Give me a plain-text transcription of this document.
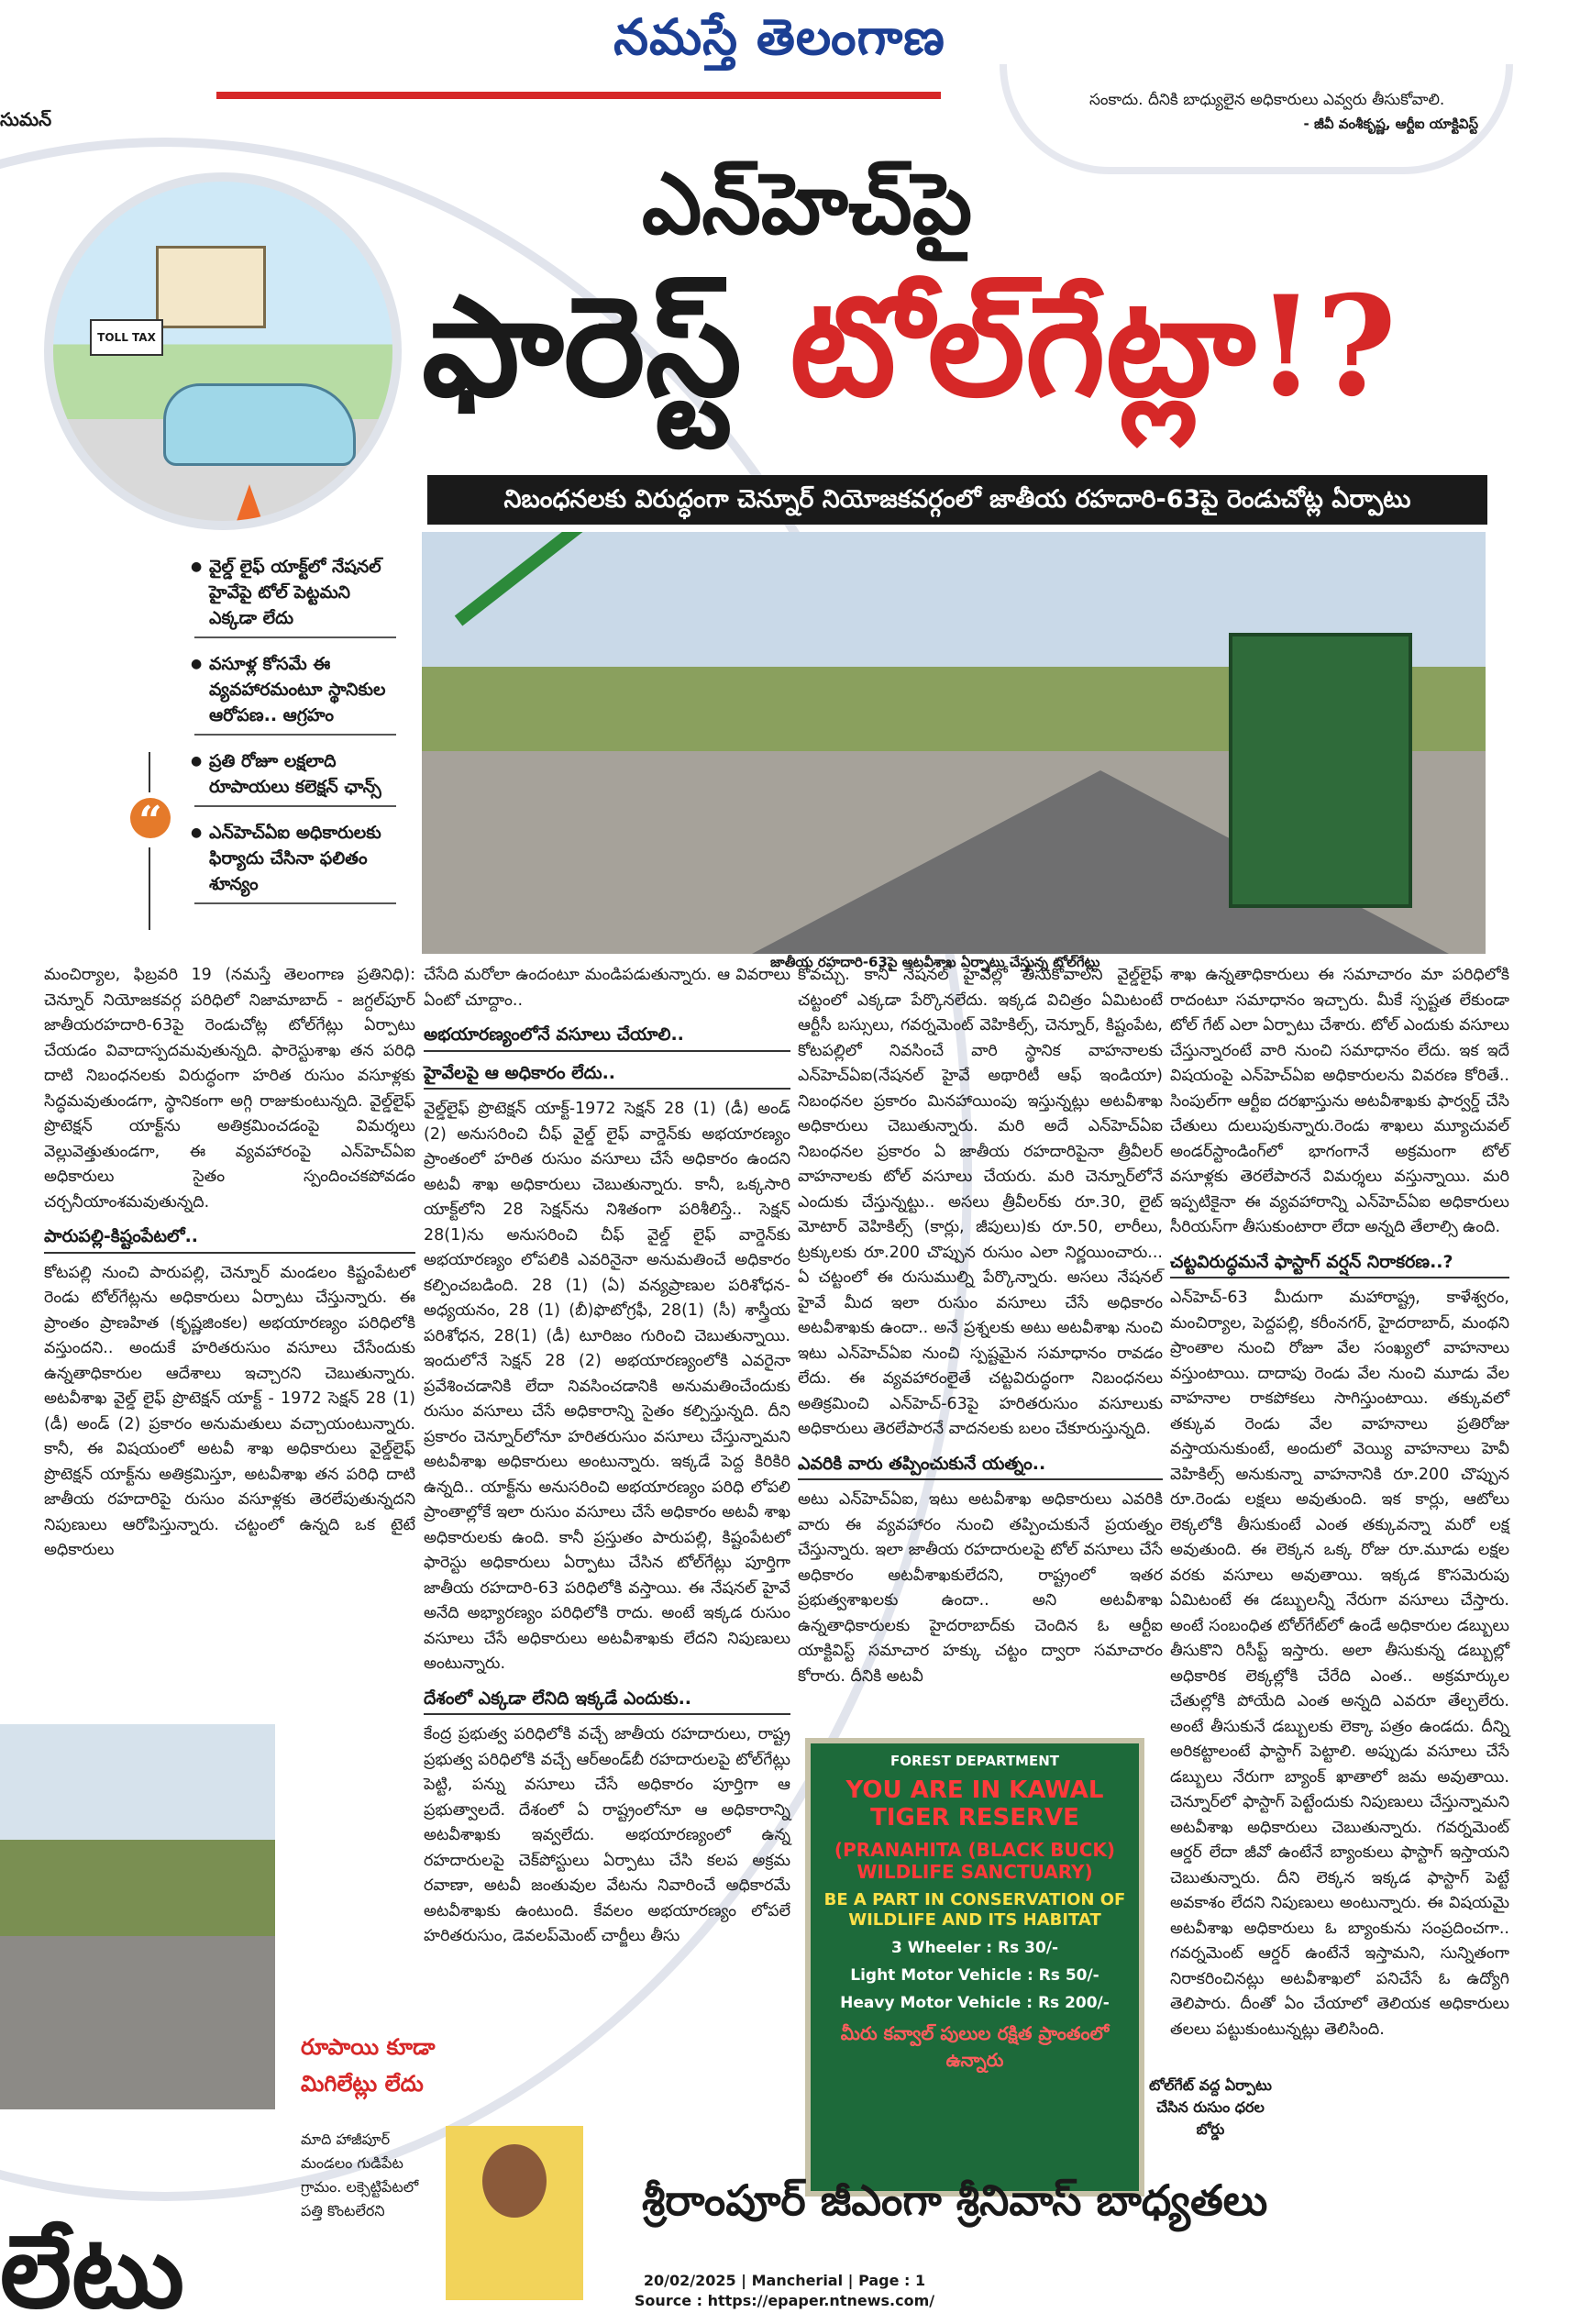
నమస్తే తెలంగాణ
సుమన్
సంకాదు. దీనికి బాధ్యులైన అధికారులు ఎవ్వరు తీసుకోవాలి.
- జీవీ వంశీకృష్ణ, ఆర్టీఐ యాక్టివిస్ట్
TOLL TAX
ఎన్‌హెచ్‌పై
ఫారెస్ట్ టోల్‌గేట్లా!?
నిబంధనలకు విరుద్ధంగా చెన్నూర్ నియోజకవర్గంలో జాతీయ రహదారి-63పై రెండుచోట్ల ఏర్పాటు
● వైల్డ్ లైఫ్ యాక్ట్‌లో నేషనల్ హైవేపై టోల్ పెట్టమని ఎక్కడా లేదు
● వసూళ్ల కోసమే ఈ వ్యవహారమంటూ స్థానికుల ఆరోపణ.. ఆగ్రహం
● ప్రతి రోజూ లక్షలాది రూపాయలు కలెక్షన్ ఛాన్స్
● ఎన్‌హెచ్‌ఏఐ అధికారులకు ఫిర్యాదు చేసినా ఫలితం శూన్యం
“
జాతీయ రహదారి-63పై అటవీశాఖ ఏర్పాటు చేస్తున్న టోల్‌గేట్లు

మంచిర్యాల, ఫిబ్రవరి 19 (నమస్తే తెలంగాణ ప్రతినిధి): చెన్నూర్ నియోజకవర్గ పరిధిలో నిజామాబాద్ - జగ్దల్‌పూర్ జాతీయరహదారి-63పై రెండుచోట్ల టోల్‌గేట్లు ఏర్పాటు చేయడం వివాదాస్పదమవుతున్నది. ఫారెస్టుశాఖ తన పరిధి దాటి నిబంధనలకు విరుద్ధంగా హరిత రుసుం వసూళ్లకు సిద్ధమవుతుండగా, స్థానికంగా అగ్గి రాజుకుంటున్నది. వైల్డ్‌లైఫ్ ప్రొటెక్షన్ యాక్ట్‌ను అతిక్రమించడంపై విమర్శలు వెల్లువెత్తుతుండగా, ఈ వ్యవహారంపై ఎన్‌హెచ్‌ఏఐ అధికారులు సైతం స్పందించకపోవడం చర్చనీయాంశమవుతున్నది.

పారుపల్లి-కిష్టంపేటలో..

కోటపల్లి నుంచి పారుపల్లి, చెన్నూర్ మండలం కిష్టంపేటలో రెండు టోల్‌గేట్లను అధికారులు ఏర్పాటు చేస్తున్నారు. ఈ ప్రాంతం ప్రాణహిత (కృష్ణజింకల) అభయారణ్యం పరిధిలోకి వస్తుందని.. అందుకే హరితరుసుం వసూలు చేసేందుకు ఉన్నతాధికారుల ఆదేశాలు ఇచ్చారని చెబుతున్నారు. అటవీశాఖ వైల్డ్ లైఫ్ ప్రొటెక్షన్ యాక్ట్ - 1972 సెక్షన్ 28 (1)(డీ) అండ్ (2) ప్రకారం అనుమతులు వచ్చాయంటున్నారు. కానీ, ఈ విషయంలో అటవీ శాఖ అధికారులు వైల్డ్‌లైఫ్ ప్రొటెక్షన్ యాక్ట్‌ను అతిక్రమిస్తూ, అటవీశాఖ తన పరిధి దాటి జాతీయ రహదారిపై రుసుం వసూళ్లకు తెరలేపుతున్నదని నిపుణులు ఆరోపిస్తున్నారు. చట్టంలో ఉన్నది ఒక టైటే అధికారులు

చేసేది మరోలా ఉందంటూ మండిపడుతున్నారు. ఆ వివరాలు ఏంటో చూద్దాం..

అభయారణ్యంలోనే వసూలు చేయాలి..
హైవేలపై ఆ అధికారం లేదు..

వైల్డ్‌లైఫ్ ప్రొటెక్షన్ యాక్ట్-1972 సెక్షన్ 28 (1) (డీ) అండ్ (2) అనుసరించి చీఫ్ వైల్డ్ లైఫ్ వార్డెన్‌కు అభయారణ్యం ప్రాంతంలో హరిత రుసుం వసూలు చేసే అధికారం ఉందని అటవీ శాఖ అధికారులు చెబుతున్నారు. కానీ, ఒక్కసారి యాక్ట్‌లోని 28 సెక్షన్‌ను నిశితంగా పరిశీలిస్తే.. సెక్షన్ 28(1)ను అనుసరించి చీఫ్ వైల్డ్ లైఫ్ వార్డెన్‌కు అభయారణ్యం లోపలికి ఎవరినైనా అనుమతించే అధికారం కల్పించబడింది. 28 (1) (ఏ) వన్యప్రాణుల పరిశోధన-అధ్యయనం, 28 (1) (బీ)ఫొటోగ్రఫీ, 28(1) (సీ) శాస్త్రీయ పరిశోధన, 28(1) (డీ) టూరిజం గురించి చెబుతున్నాయి. ఇందులోనే సెక్షన్ 28 (2) అభయారణ్యంలోకి ఎవరైనా ప్రవేశించడానికి లేదా నివసించడానికి అనుమతించేందుకు రుసుం వసూలు చేసే అధికారాన్ని సైతం కల్పిస్తున్నది. దీని ప్రకారం చెన్నూర్‌లోనూ హరితరుసుం వసూలు చేస్తున్నామని అటవీశాఖ అధికారులు అంటున్నారు. ఇక్కడే పెద్ద కిరికిరి ఉన్నది.. యాక్ట్‌ను అనుసరించి అభయారణ్యం పరిధి లోపలి ప్రాంతాల్లోకే ఇలా రుసుం వసూలు చేసే అధికారం అటవీ శాఖ అధికారులకు ఉంది. కానీ ప్రస్తుతం పారుపల్లి, కిష్టంపేటలో ఫారెస్టు అధికారులు ఏర్పాటు చేసిన టోల్‌గేట్లు పూర్తిగా జాతీయ రహదారి-63 పరిధిలోకి వస్తాయి. ఈ నేషనల్ హైవే అనేది అభ్యారణ్యం పరిధిలోకి రాదు. అంటే ఇక్కడ రుసుం వసూలు చేసే అధికారులు అటవీశాఖకు లేదని నిపుణులు అంటున్నారు.

దేశంలో ఎక్కడా లేనిది ఇక్కడే ఎందుకు..

కేంద్ర ప్రభుత్వ పరిధిలోకి వచ్చే జాతీయ రహదారులు, రాష్ట్ర ప్రభుత్వ పరిధిలోకి వచ్చే ఆర్‌అండ్‌బీ రహదారులపై టోల్‌గేట్లు పెట్టి, పన్ను వసూలు చేసే అధికారం పూర్తిగా ఆ ప్రభుత్వాలదే. దేశంలో ఏ రాష్ట్రంలోనూ ఆ అధికారాన్ని అటవీశాఖకు ఇవ్వలేదు. అభయారణ్యంలో ఉన్న రహదారులపై చెక్‌పోస్టులు ఏర్పాటు చేసి కలప అక్రమ రవాణా, అటవీ జంతువుల వేటను నివారించే అధికారమే అటవీశాఖకు ఉంటుంది. కేవలం అభయారణ్యం లోపలే హరితరుసుం, డెవలప్‌మెంట్ చార్జీలు తీసు

కోవచ్చు. కానీ నేషనల్ హైవేల్లో తీసుకోవాలని వైల్డ్‌లైఫ్ చట్టంలో ఎక్కడా పేర్కొనలేదు. ఇక్కడ విచిత్రం ఏమిటంటే ఆర్టీసీ బస్సులు, గవర్నమెంట్ వెహికిల్స్, చెన్నూర్, కిష్టంపేట, కోటపల్లిలో నివసించే వారి స్థానిక వాహనాలకు ఎన్‌హెచ్‌ఏఐ(నేషనల్ హైవే అథారిటీ ఆఫ్ ఇండియా) నిబంధనల ప్రకారం మినహాయింపు ఇస్తున్నట్లు అటవీశాఖ అధికారులు చెబుతున్నారు. మరి అదే ఎన్‌హెచ్‌ఏఐ నిబంధనల ప్రకారం ఏ జాతీయ రహదారిపైనా త్రీవీలర్ వాహనాలకు టోల్ వసూలు చేయరు. మరి చెన్నూర్‌లోనే ఎందుకు చేస్తున్నట్టు.. అసలు త్రీవీలర్‌కు రూ.30, లైట్ మోటార్ వెహికిల్స్ (కార్లు, జీపులు)కు రూ.50, లారీలు, ట్రక్కులకు రూ.200 చొప్పున రుసుం ఎలా నిర్ణయించారు... ఏ చట్టంలో ఈ రుసుముల్ని పేర్కొన్నారు. అసలు నేషనల్ హైవే మీద ఇలా రుసుం వసూలు చేసే అధికారం అటవీశాఖకు ఉందా.. అనే ప్రశ్నలకు అటు అటవీశాఖ నుంచి ఇటు ఎన్‌హెచ్‌ఏఐ నుంచి స్పష్టమైన సమాధానం రావడం లేదు. ఈ వ్యవహారంలైతే చట్టవిరుద్ధంగా నిబంధనలు అతిక్రమించి ఎన్‌హెచ్-63పై హరితరుసుం వసూలుకు అధికారులు తెరలేపారనే వాదనలకు బలం చేకూరుస్తున్నది.

ఎవరికి వారు తప్పించుకునే యత్నం..

అటు ఎన్‌హెచ్‌ఏఐ, ఇటు అటవీశాఖ అధికారులు ఎవరికి వారు ఈ వ్యవహారం నుంచి తప్పించుకునే ప్రయత్నం చేస్తున్నారు. ఇలా జాతీయ రహదారులపై టోల్ వసూలు చేసే అధికారం అటవీశాఖకులేదని, రాష్ట్రంలో ఇతర ప్రభుత్వశాఖలకు ఉందా.. అని అటవీశాఖ ఉన్నతాధికారులకు హైదరాబాద్‌కు చెందిన ఓ ఆర్టీఐ యాక్టివిస్ట్ సమాచార హక్కు చట్టం ద్వారా సమాచారం కోరారు. దీనికి అటవీ

శాఖ ఉన్నతాధికారులు ఈ సమాచారం మా పరిధిలోకి రాదంటూ సమాధానం ఇచ్చారు. మీకే స్పష్టత లేకుండా టోల్ గేట్ ఎలా ఏర్పాటు చేశారు. టోల్ ఎందుకు వసూలు చేస్తున్నారంటే వారి నుంచి సమాధానం లేదు. ఇక ఇదే విషయంపై ఎన్‌హెచ్‌ఏఐ అధికారులను వివరణ కోరితే.. సింపుల్‌గా ఆర్టీఐ దరఖాస్తును అటవీశాఖకు ఫార్వర్డ్ చేసి చేతులు దులుపుకున్నారు.రెండు శాఖలు మ్యూచువల్ అండర్‌స్టాండింగ్‌లో భాగంగానే అక్రమంగా టోల్ వసూళ్లకు తెరలేపారనే విమర్శలు వస్తున్నాయి. మరి ఇప్పటికైనా ఈ వ్యవహారాన్ని ఎన్‌హెచ్‌ఏఐ అధికారులు సీరియస్‌గా తీసుకుంటారా లేదా అన్నది తేలాల్సి ఉంది.

చట్టవిరుద్ధమనే ఫాస్టాగ్ వర్షన్ నిరాకరణ..?

ఎన్‌హెచ్-63 మీదుగా మహారాష్ట్ర, కాళేశ్వరం, మంచిర్యాల, పెద్దపల్లి, కరీంనగర్, హైదరాబాద్, మంథని ప్రాంతాల నుంచి రోజూ వేల సంఖ్యలో వాహనాలు వస్తుంటాయి. దాదాపు రెండు వేల నుంచి మూడు వేల వాహనాల రాకపోకలు సాగిస్తుంటాయి. తక్కువలో తక్కువ రెండు వేల వాహనాలు ప్రతిరోజు వస్తాయనుకుంటే, అందులో వెయ్యి వాహనాలు హెవీ వెహికిల్స్ అనుకున్నా వాహనానికి రూ.200 చొప్పున రూ.రెండు లక్షలు అవుతుంది. ఇక కార్లు, ఆటోలు లెక్కలోకి తీసుకుంటే ఎంత తక్కువన్నా మరో లక్ష అవుతుంది. ఈ లెక్కన ఒక్క రోజు రూ.మూడు లక్షల వరకు వసూలు అవుతాయి. ఇక్కడ కొసమెరుపు ఏమిటంటే ఈ డబ్బులన్నీ నేరుగా వసూలు చేస్తారు. అంటే సంబంధిత టోల్‌గేట్‌లో ఉండే అధికారుల డబ్బులు తీసుకొని రిసీప్ట్ ఇస్తారు. అలా తీసుకున్న డబ్బుల్లో అధికారిక లెక్కల్లోకి చేరేది ఎంత.. అక్రమార్కుల చేతుల్లోకి పోయేది ఎంత అన్నది ఎవరూ తేల్చలేరు. అంటే తీసుకునే డబ్బులకు లెక్కా పత్రం ఉండదు. దీన్ని అరికట్టాలంటే ఫాస్టాగ్ పెట్టాలి. అప్పుడు వసూలు చేసే డబ్బులు నేరుగా బ్యాంక్ ఖాతాలో జమ అవుతాయి. చెన్నూర్‌లో ఫాస్టాగ్ పెట్టేందుకు నిపుణులు చేస్తున్నామని అటవీశాఖ అధికారులు చెబుతున్నారు. గవర్నమెంట్ ఆర్డర్ లేదా జీవో ఉంటేనే బ్యాంకులు ఫాస్టాగ్ ఇస్తాయని చెబుతున్నారు. దీని లెక్కన ఇక్కడ ఫాస్టాగ్ పెట్టే అవకాశం లేదని నిపుణులు అంటున్నారు. ఈ విషయమై అటవీశాఖ అధికారులు ఓ బ్యాంకును సంప్రదించగా.. గవర్నమెంట్ ఆర్డర్ ఉంటేనే ఇస్తామని, సున్నితంగా నిరాకరించినట్లు అటవీశాఖలో పనిచేసే ఓ ఉద్యోగి తెలిపారు. దీంతో ఏం చేయాలో తెలియక అధికారులు తలలు పట్టుకుంటున్నట్లు తెలిసింది.

FOREST DEPARTMENT
YOU ARE IN KAWAL TIGER RESERVE
(PRANAHITA (BLACK BUCK) WILDLIFE SANCTUARY)
BE A PART IN CONSERVATION OF WILDLIFE AND ITS HABITAT
3 Wheeler : Rs 30/-
Light Motor Vehicle : Rs 50/-
Heavy Motor Vehicle : Rs 200/-
మీరు కవ్వాల్ పులుల రక్షిత ప్రాంతంలో ఉన్నారు
టోల్‌గేట్ వద్ద ఏర్పాటు చేసిన రుసుం ధరల బోర్డు
రూపాయి కూడా మిగిలేట్లు లేదు
మాది హాజీపూర్ మండలం గుడిపేట గ్రామం. లక్సెట్టిపేటలో పత్తి కొంటలేరని
లేటు
శ్రీరాంపూర్ జీఎంగా శ్రీనివాస్ బాధ్యతలు
20/02/2025 | Mancherial | Page : 1
Source : https://epaper.ntnews.com/
